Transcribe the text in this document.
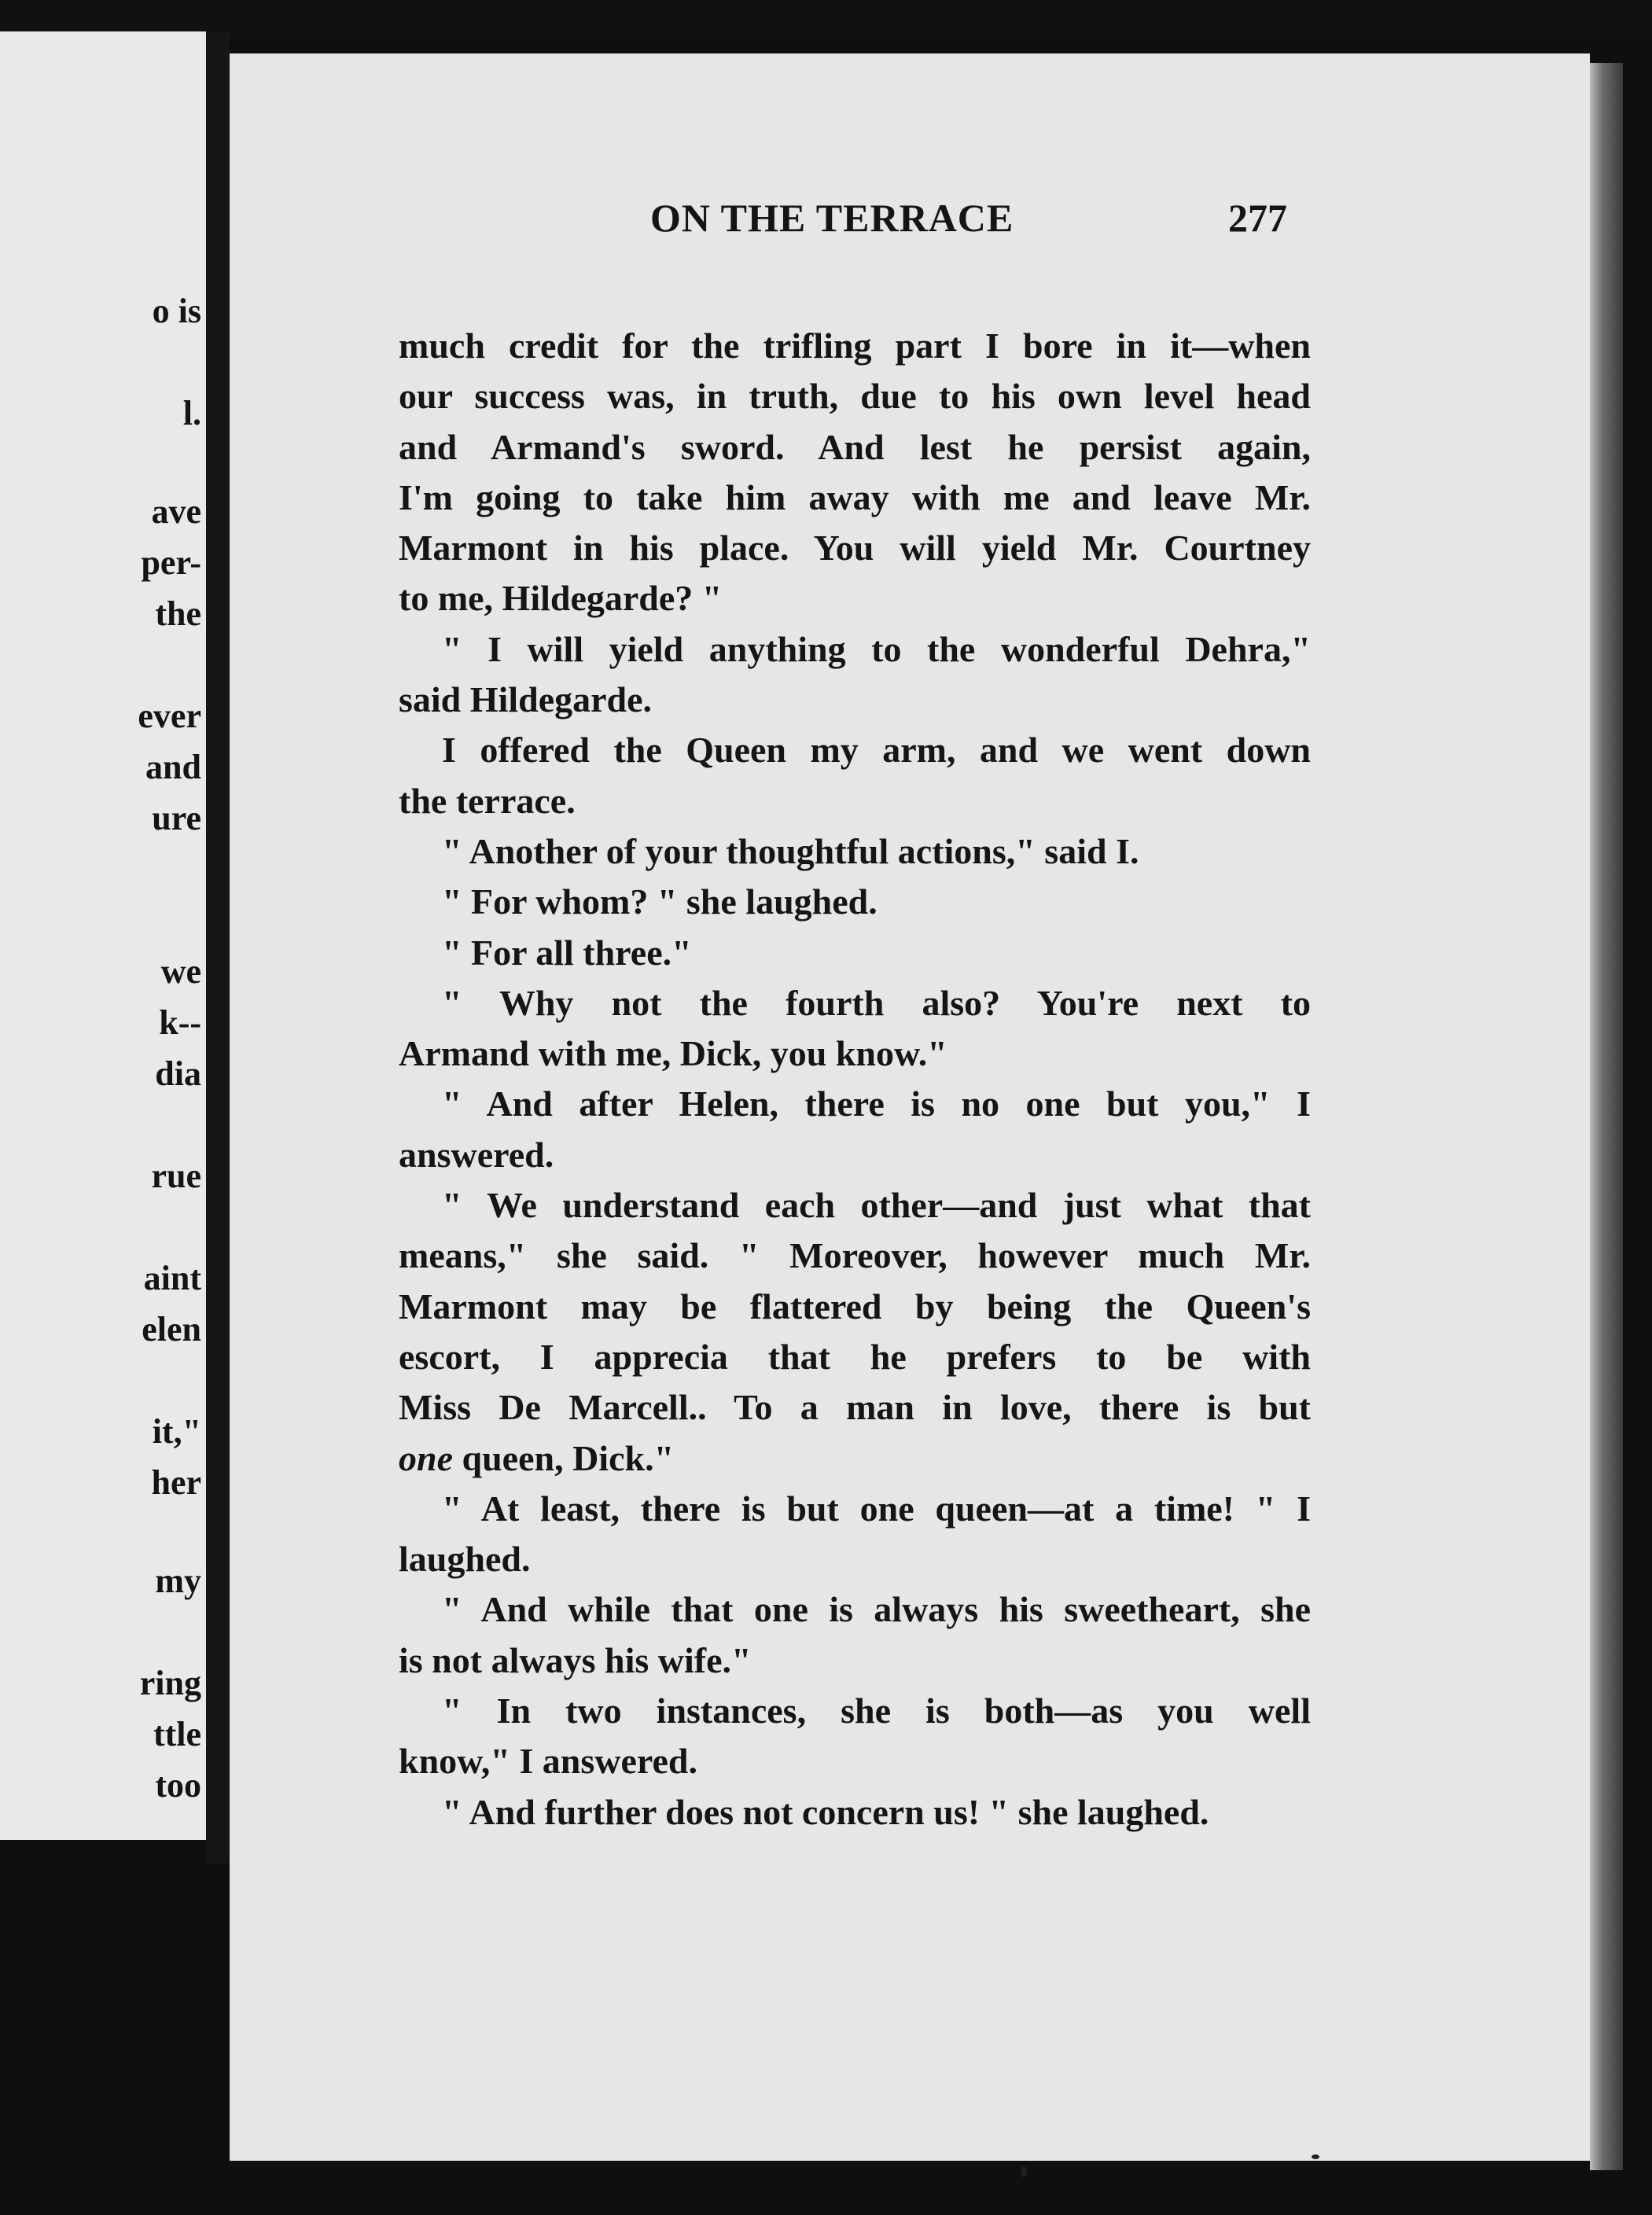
o is
l.
ave
per-
the
ever
and
ure
we
k--
dia
rue
aint
elen
it,"
her
my
ring
ttle
too
ON THE TERRACE	277
much credit for the trifling part I bore in it—when
our success was, in truth, due to his own level head
and Armand's sword. And lest he persist again,
I'm going to take him away with me and leave Mr.
Marmont in his place. You will yield Mr. Courtney
to me, Hildegarde? "
" I will yield anything to the wonderful Dehra,"
said Hildegarde.
I offered the Queen my arm, and we went down
the terrace.
" Another of your thoughtful actions," said I.
" For whom? " she laughed.
" For all three."
" Why not the fourth also? You're next to
Armand with me, Dick, you know."
" And after Helen, there is no one but you," I
answered.
" We understand each other—and just what that
means," she said. " Moreover, however much Mr.
Marmont may be flattered by being the Queen's
escort, I apprecia that he prefers to be with
Miss De Marcell.. To a man in love, there is but
one queen, Dick."
" At least, there is but one queen—at a time! " I
laughed.
" And while that one is always his sweetheart, she
is not always his wife."
" In two instances, she is both—as you well
know," I answered.
" And further does not concern us! " she laughed.
